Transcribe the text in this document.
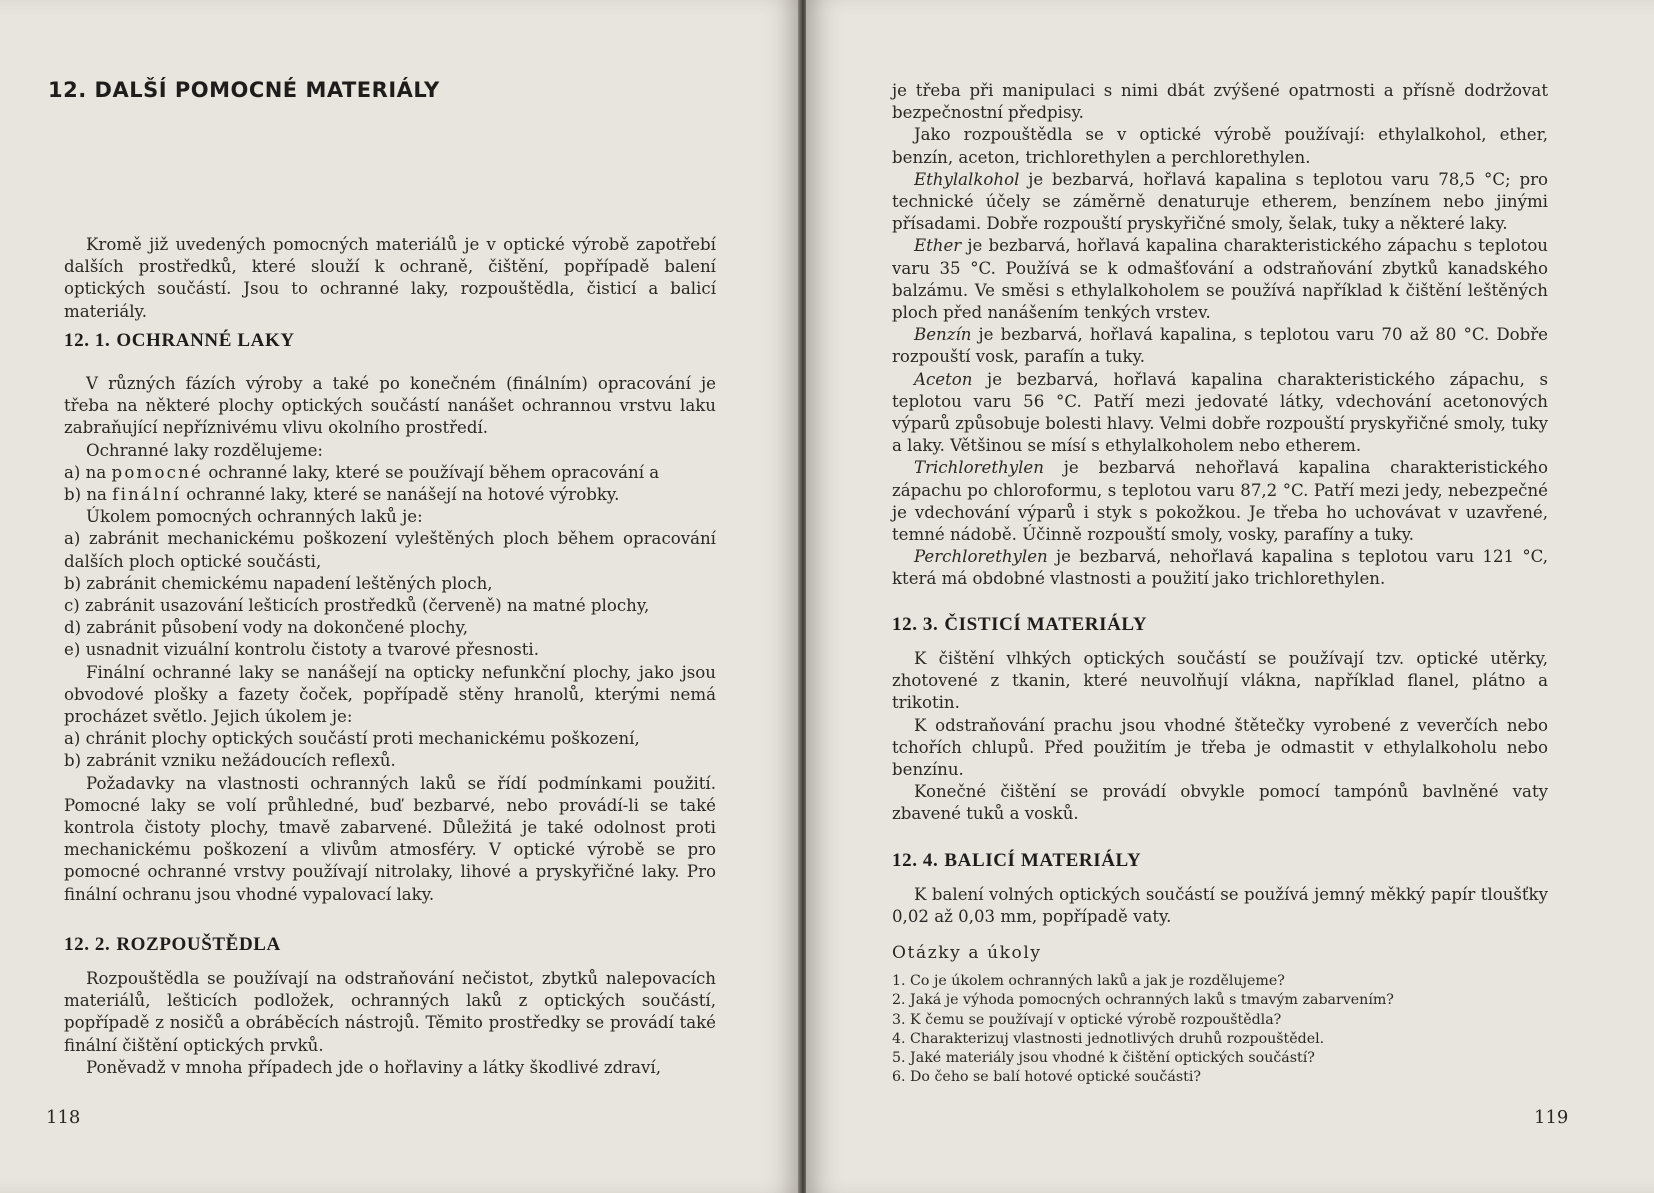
12. DALŠÍ POMOCNÉ MATERIÁLY

Kromě již uvedených pomocných materiálů je v optické výrobě zapotřebí dalších prostředků, které slouží k ochraně, čištění, popřípadě balení optických součástí. Jsou to ochranné laky, rozpouštědla, čisticí a balicí materiály.

12. 1. OCHRANNÉ LAKY

V různých fázích výroby a také po konečném (finálním) opracování je třeba na některé plochy optických součástí nanášet ochrannou vrstvu laku zabraňující nepříznivému vlivu okolního prostředí.

Ochranné laky rozdělujeme:

a) na pomocné ochranné laky, které se používají během opracování a

b) na finální ochranné laky, které se nanášejí na hotové výrobky.

Úkolem pomocných ochranných laků je:

a) zabránit mechanickému poškození vyleštěných ploch během opracování dalších ploch optické součásti,

b) zabránit chemickému napadení leštěných ploch,

c) zabránit usazování lešticích prostředků (červeně) na matné plochy,

d) zabránit působení vody na dokončené plochy,

e) usnadnit vizuální kontrolu čistoty a tvarové přesnosti.

Finální ochranné laky se nanášejí na opticky nefunkční plochy, jako jsou obvodové plošky a fazety čoček, popřípadě stěny hranolů, kterými nemá procházet světlo. Jejich úkolem je:

a) chránit plochy optických součástí proti mechanickému poškození,

b) zabránit vzniku nežádoucích reflexů.

Požadavky na vlastnosti ochranných laků se řídí podmínkami použití. Pomocné laky se volí průhledné, buď bezbarvé, nebo provádí-li se také kontrola čistoty plochy, tmavě zabarvené. Důležitá je také odolnost proti mechanickému poškození a vlivům atmosféry. V optické výrobě se pro pomocné ochranné vrstvy používají nitrolaky, lihové a pryskyřičné laky. Pro finální ochranu jsou vhodné vypalovací laky.

12. 2. ROZPOUŠTĚDLA

Rozpouštědla se používají na odstraňování nečistot, zbytků nalepovacích materiálů, lešticích podložek, ochranných laků z optických součástí, popřípadě z nosičů a obráběcích nástrojů. Těmito prostředky se provádí také finální čištění optických prvků.

Poněvadž v mnoha případech jde o hořlaviny a látky škodlivé zdraví,

118

je třeba při manipulaci s nimi dbát zvýšené opatrnosti a přísně dodržovat bezpečnostní předpisy.

Jako rozpouštědla se v optické výrobě používají: ethylalkohol, ether, benzín, aceton, trichlorethylen a perchlorethylen.

Ethylalkohol je bezbarvá, hořlavá kapalina s teplotou varu 78,5 °C; pro technické účely se záměrně denaturuje etherem, benzínem nebo jinými přísadami. Dobře rozpouští pryskyřičné smoly, šelak, tuky a některé laky.

Ether je bezbarvá, hořlavá kapalina charakteristického zápachu s teplotou varu 35 °C. Používá se k odmašťování a odstraňování zbytků kanadského balzámu. Ve směsi s ethylalkoholem se používá například k čištění leštěných ploch před nanášením tenkých vrstev.

Benzín je bezbarvá, hořlavá kapalina, s teplotou varu 70 až 80 °C. Dobře rozpouští vosk, parafín a tuky.

Aceton je bezbarvá, hořlavá kapalina charakteristického zápachu, s teplotou varu 56 °C. Patří mezi jedovaté látky, vdechování acetonových výparů způsobuje bolesti hlavy. Velmi dobře rozpouští pryskyřičné smoly, tuky a laky. Většinou se mísí s ethylalkoholem nebo etherem.

Trichlorethylen je bezbarvá nehořlavá kapalina charakteristického zápachu po chloroformu, s teplotou varu 87,2 °C. Patří mezi jedy, nebezpečné je vdechování výparů i styk s pokožkou. Je třeba ho uchovávat v uzavřené, temné nádobě. Účinně rozpouští smoly, vosky, parafíny a tuky.

Perchlorethylen je bezbarvá, nehořlavá kapalina s teplotou varu 121 °C, která má obdobné vlastnosti a použití jako trichlorethylen.

12. 3. ČISTICÍ MATERIÁLY

K čištění vlhkých optických součástí se používají tzv. optické utěrky, zhotovené z tkanin, které neuvolňují vlákna, například flanel, plátno a trikotin.

K odstraňování prachu jsou vhodné štětečky vyrobené z veverčích nebo tchořích chlupů. Před použitím je třeba je odmastit v ethylalkoholu nebo benzínu.

Konečné čištění se provádí obvykle pomocí tampónů bavlněné vaty zbavené tuků a vosků.

12. 4. BALICÍ MATERIÁLY

K balení volných optických součástí se používá jemný měkký papír tloušťky 0,02 až 0,03 mm, popřípadě vaty.

Otázky a úkoly

1. Co je úkolem ochranných laků a jak je rozdělujeme?

2. Jaká je výhoda pomocných ochranných laků s tmavým zabarvením?

3. K čemu se používají v optické výrobě rozpouštědla?

4. Charakterizuj vlastnosti jednotlivých druhů rozpouštědel.

5. Jaké materiály jsou vhodné k čištění optických součástí?

6. Do čeho se balí hotové optické součásti?

119
